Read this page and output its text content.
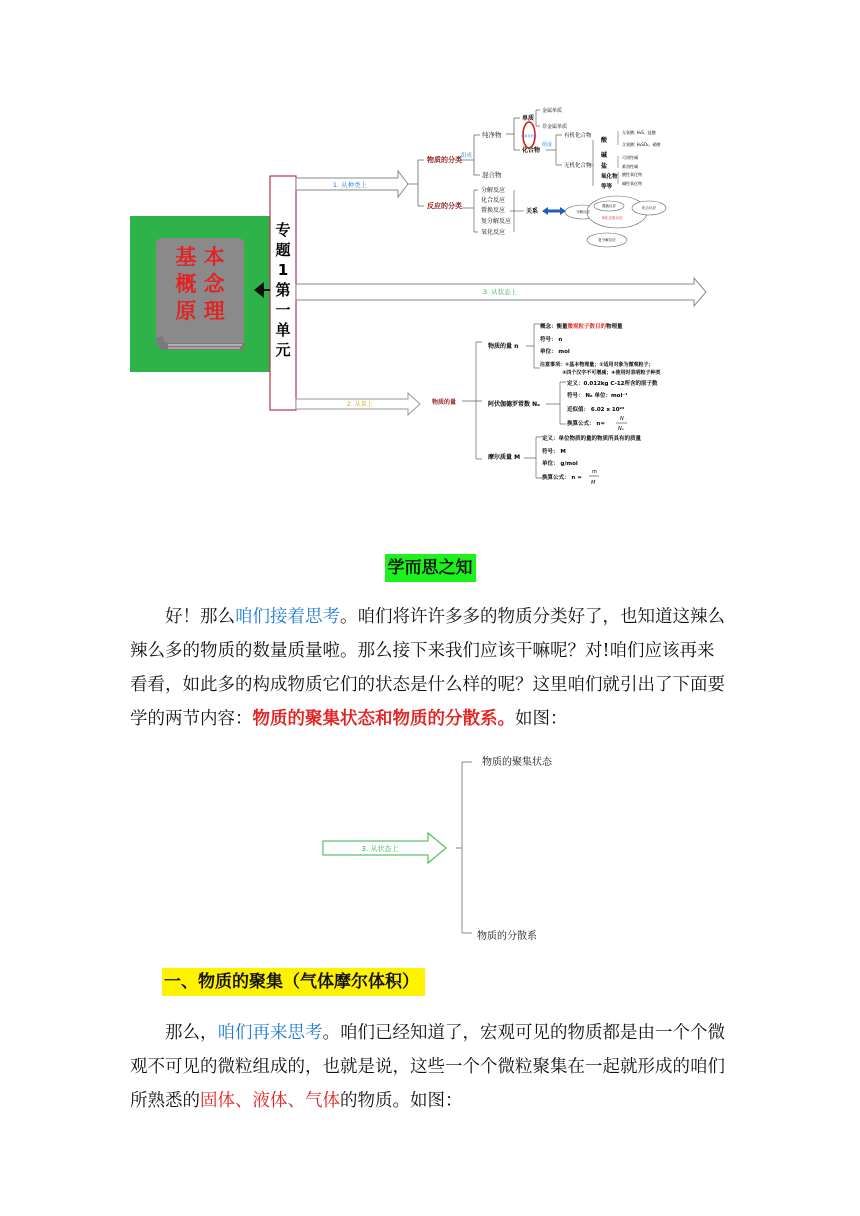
基 本
概 念
原 理
专
题
1
第
一
单
元
1. 从种类上
3. 从状态上
2. 从量上
物质的分类 组成
反应的分类
纯净物
混合物
单质
化合物
同素异形体
金属单质
非金属单质
组成
有机化合物
无机化合物
酸
碱
盐
氧化物
等等
无氧酸: H₂S、盐酸
含氧酸: H₂SO₄、硝酸
可溶性碱
难溶性碱
酸性氧化物
碱性氧化物
分解反应
化合反应
置换反应
复分解反应
氧化反应
关系	分解反应
置换反应	化合反应
氧化还原反应
复分解反应
物质的量
物质的量 n
阿伏伽德罗常数 Nₐ
摩尔质量 M
概念：衡量微观粒子数目的物理量
符号： n
单位： mol
注意事项：①基本物理量；②适用对象为微观粒子；
③四个汉字不可增减；④使用时表明粒子种类
定义：0.012kg C-12所含的原子数
符号： Nₐ 单位：mol⁻¹
近似值： 6.02 x 10²³
换算公式： n=
N
Nₐ
定义：单位物质的量的物质所具有的质量
符号： M
单位： g/mol
换算公式： n =
m
M
学而思之知
好！那么咱们接着思考。咱们将许许多多的物质分类好了，也知道这辣么辣么多的物质的数量质量啦。那么接下来我们应该干嘛呢？对!咱们应该再来看看，如此多的构成物质它们的状态是什么样的呢？这里咱们就引出了下面要学的两节内容：物质的聚集状态和物质的分散系。如图：
3. 从状态上
物质的聚集状态
物质的分散系
一、物质的聚集（气体摩尔体积）
那么，咱们再来思考。咱们已经知道了，宏观可见的物质都是由一个个微观不可见的微粒组成的，也就是说，这些一个个微粒聚集在一起就形成的咱们所熟悉的固体、液体、气体的物质。如图：
